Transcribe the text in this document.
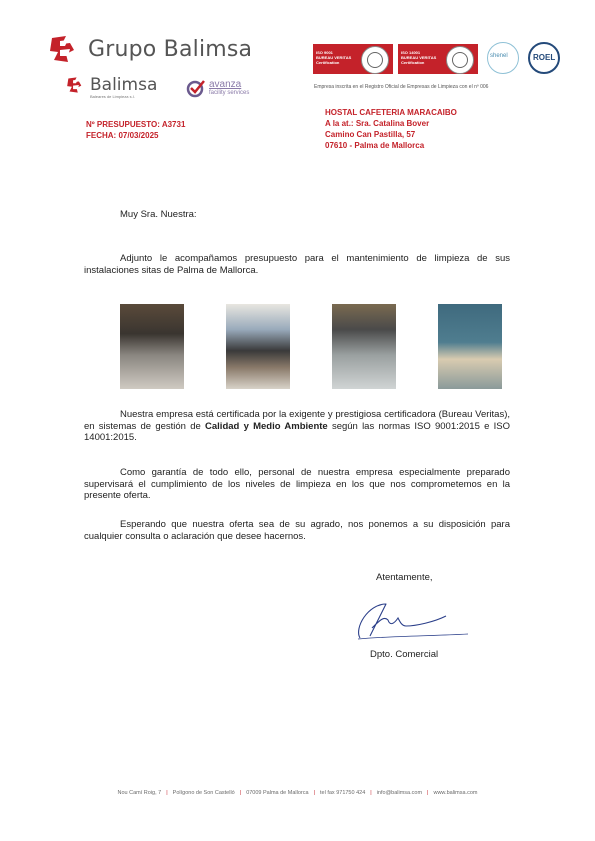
Grupo Balimsa
Balimsa
Baleares de Limpieza s.l.
avanza
facility services
ISO 9001
BUREAU VERITAS
Certification
ISO 14001
BUREAU VERITAS
Certification
shenel	ROEL
Empresa inscrita en el Registro Oficial de Empresas de Limpieza con el nº 006
Nº PRESUPUESTO: A3731
FECHA: 07/03/2025
HOSTAL CAFETERIA MARACAIBO
A la at.: Sra. Catalina Bover
Camino Can Pastilla, 57
07610 - Palma de Mallorca
Muy Sra. Nuestra:
Adjunto le acompañamos presupuesto para el mantenimiento de limpieza de sus instalaciones sitas de Palma de Mallorca.
Nuestra empresa está certificada por la exigente y prestigiosa certificadora (Bureau Veritas), en sistemas de gestión de Calidad y Medio Ambiente según las normas ISO 9001:2015 e ISO 14001:2015.
Como garantía de todo ello, personal de nuestra empresa especialmente preparado supervisará el cumplimiento de los niveles de limpieza en los que nos comprometemos en la presente oferta.
Esperando que nuestra oferta sea de su agrado, nos ponemos a su disposición para cualquier consulta o aclaración que desee hacernos.
Atentamente,
Dpto. Comercial
Nou Camí Roig, 7 | Polígono de Son Castelló | 07009 Palma de Mallorca | tel fax 971750 424 | info@balimsa.com | www.balimsa.com
